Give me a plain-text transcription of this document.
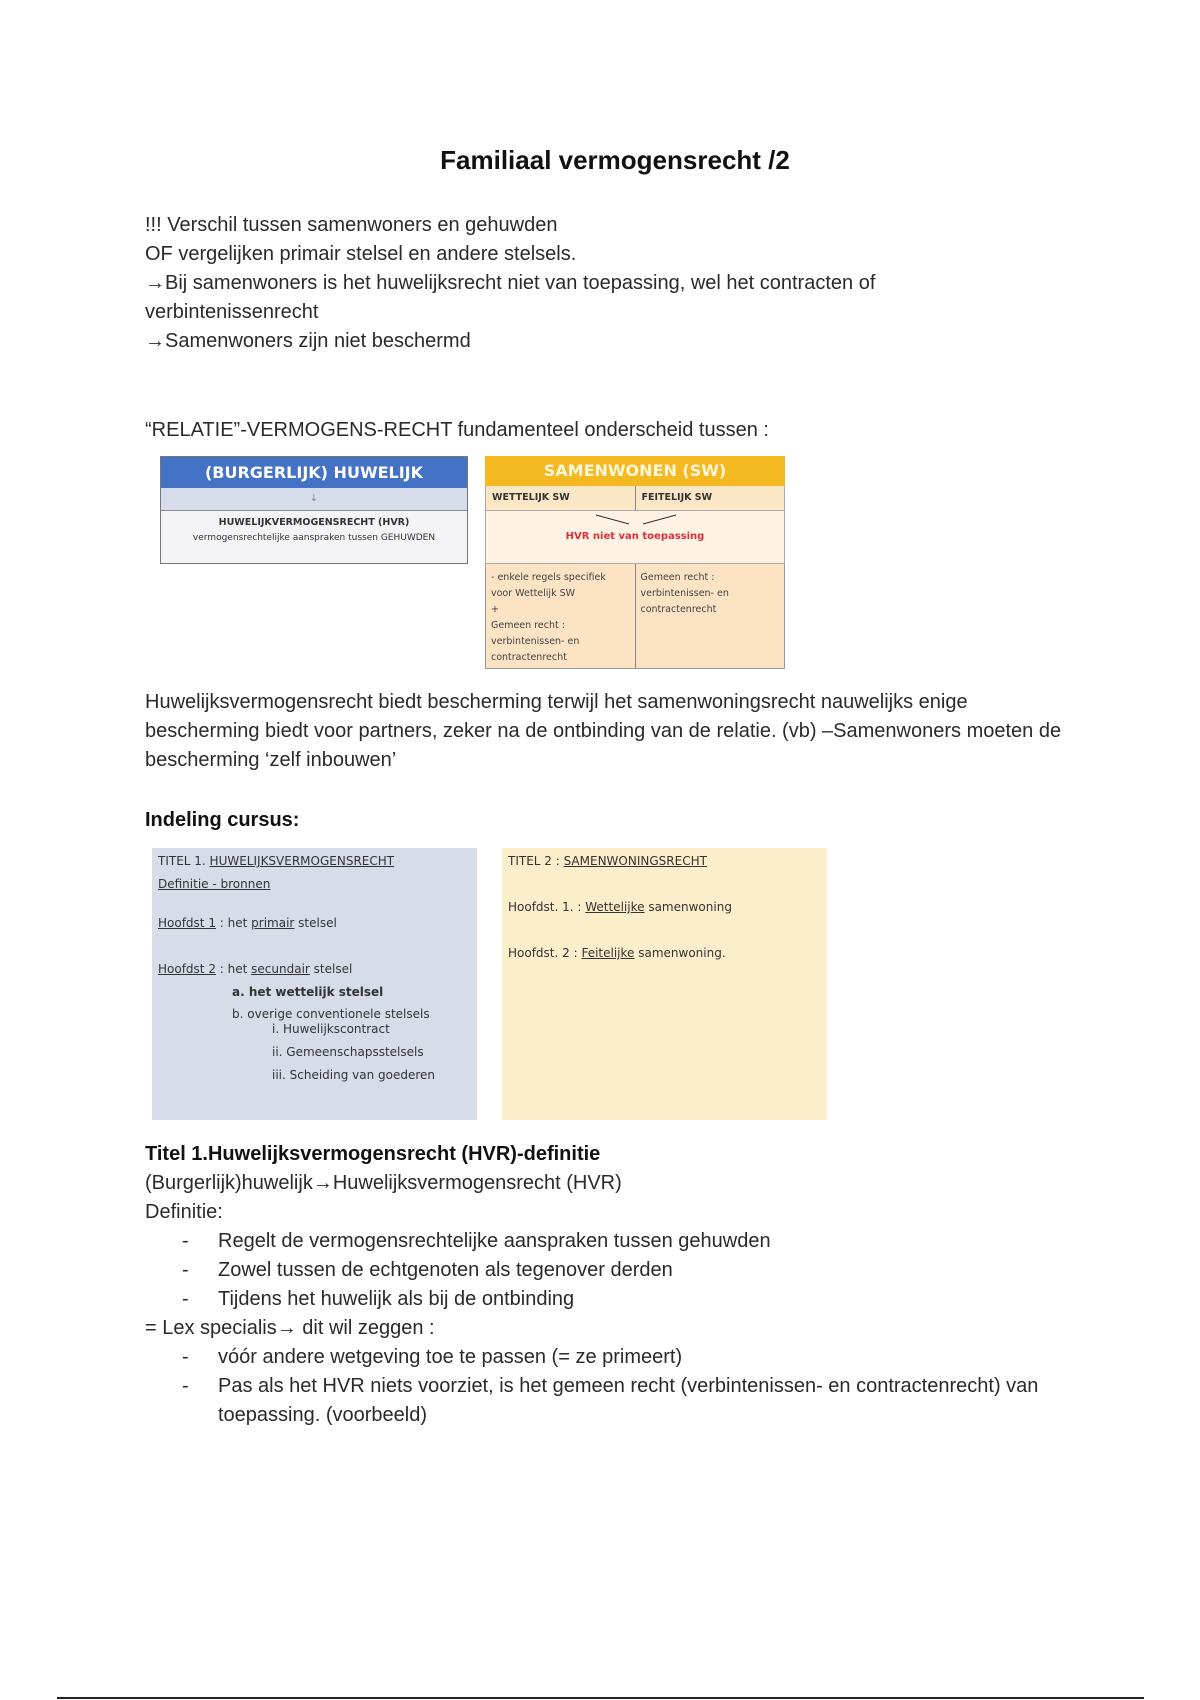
Familiaal vermogensrecht /2
!!! Verschil tussen samenwoners en gehuwden
OF vergelijken primair stelsel en andere stelsels.
→Bij samenwoners is het huwelijksrecht niet van toepassing, wel het contracten of verbintenissenrecht
→Samenwoners zijn niet beschermd
“RELATIE”-VERMOGENS-RECHT fundamenteel onderscheid tussen :
(BURGERLIJK) HUWELIJK
↓
HUWELIJKVERMOGENSRECHT (HVR)
vermogensrechtelijke aanspraken tussen GEHUWDEN
SAMENWONEN (SW)
WETTELIJK SW	FEITELIJK SW
HVR niet van toepassing
- enkele regels specifiek voor Wettelijk SW
+
Gemeen recht : verbintenissen- en contractenrecht
Gemeen recht : verbintenissen- en contractenrecht
Huwelijksvermogensrecht biedt bescherming terwijl het samenwoningsrecht nauwelijks enige bescherming biedt voor partners, zeker na de ontbinding van de relatie. (vb) –Samenwoners moeten de bescherming ‘zelf inbouwen’
Indeling cursus:
TITEL 1. HUWELIJKSVERMOGENSRECHT
Definitie - bronnen
Hoofdst 1 : het primair stelsel
Hoofdst 2 : het secundair stelsel
a. het wettelijk stelsel
b. overige conventionele stelsels
i. Huwelijkscontract
ii. Gemeenschapsstelsels
iii. Scheiding van goederen
TITEL 2 : SAMENWONINGSRECHT
Hoofdst. 1. : Wettelijke samenwoning
Hoofdst. 2 : Feitelijke samenwoning.
Titel 1.Huwelijksvermogensrecht (HVR)-definitie
(Burgerlijk)huwelijk→Huwelijksvermogensrecht (HVR)
Definitie:
- Regelt de vermogensrechtelijke aanspraken tussen gehuwden
- Zowel tussen de echtgenoten als tegenover derden
- Tijdens het huwelijk als bij de ontbinding
= Lex specialis→ dit wil zeggen :
- vóór andere wetgeving toe te passen (= ze primeert)
- Pas als het HVR niets voorziet, is het gemeen recht (verbintenissen- en contractenrecht) van toepassing. (voorbeeld)
